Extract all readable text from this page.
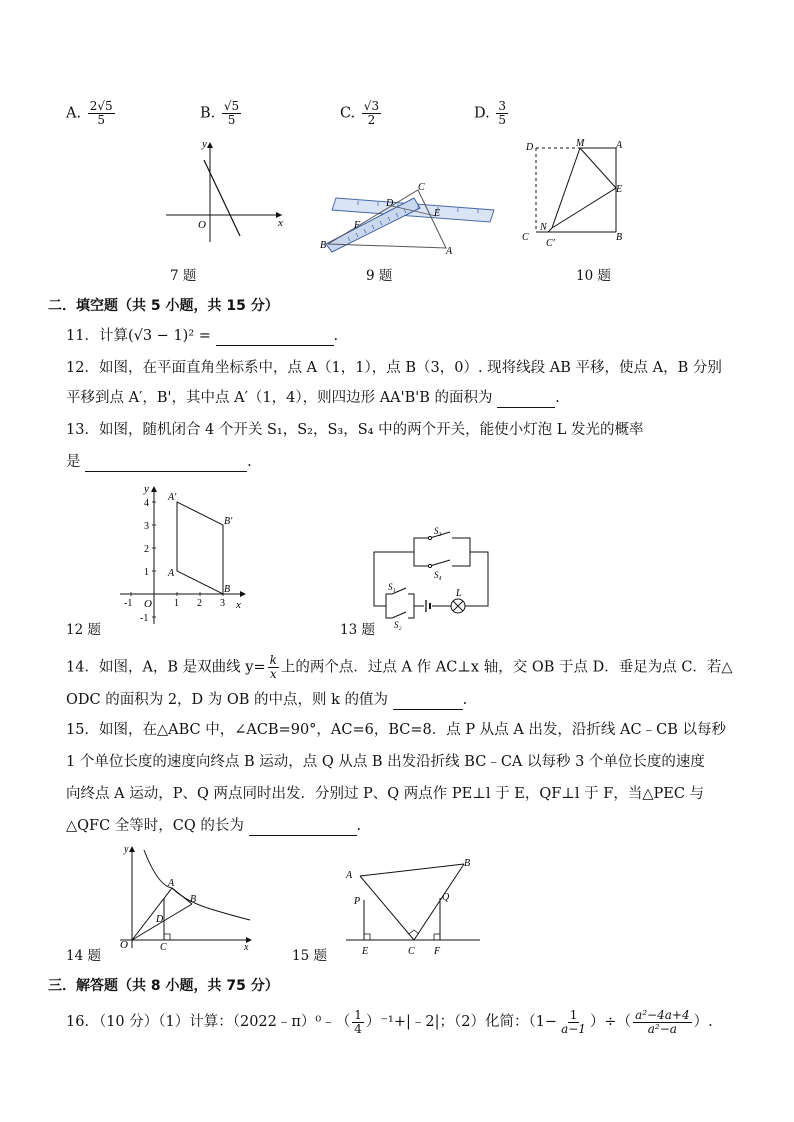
A. $\frac{2√5}{5}$	B. $\frac{√5}{5}$	C. $\frac{√3}{2}$	D. $\frac{3}{5}$
y
x
O
7 题
C
D
E
F
B
A
9 题
D	M	A
E
N
C
C′
B
10 题
二．填空题（共 5 小题，共 15 分）
11．计算(√3 − 1)² =	.
12．如图，在平面直角坐标系中，点 A（1，1），点 B（3，0）. 现将线段 AB 平移，使点 A，B 分别
平移到点 A′，B'，其中点 A′（1，4），则四边形 AA'B'B 的面积为	.
13．如图，随机闭合 4 个开关 S₁，S₂，S₃，S₄ 中的两个开关，能使小灯泡 L 发光的概率
是	.
-1	1 2 3
1
2
3
4
-1
y
x
O
A
A′
B
B′
12 题
S₃
S₄
S₁
S₂
L
13 题
14．如图，A，B 是双曲线 $y= \frac{k}{x}$ 上的两个点．过点 A 作 AC⊥x 轴，交 OB 于点 D．垂足为点 C．若△
ODC 的面积为 2，D 为 OB 的中点，则 k 的值为	.
15．如图，在△ABC 中，∠ACB=90°，AC=6，BC=8．点 P 从点 A 出发，沿折线 AC﹣CB 以每秒
1 个单位长度的速度向终点 B 运动，点 Q 从点 B 出发沿折线 BC﹣CA 以每秒 3 个单位长度的速度
向终点 A 运动，P、Q 两点同时出发．分别过 P、Q 两点作 PE⊥l 于 E，QF⊥l 于 F，当△PEC 与
△QFC 全等时，CQ 的长为	.
y
x
O
A
B
D
C
14 题
A
B
P	Q
E	C F
15 题
三．解答题（共 8 小题，共 75 分）
16．（10 分）（1）计算：（2022﹣π）⁰﹣（ $\frac{1}{4}$ ）⁻¹+|﹣2|；（2）化简：（$1- \frac{1}{a-1}$ ）÷（ $\frac{\text{a²−4a+4}}{\text{a²−a}}$ ）.
